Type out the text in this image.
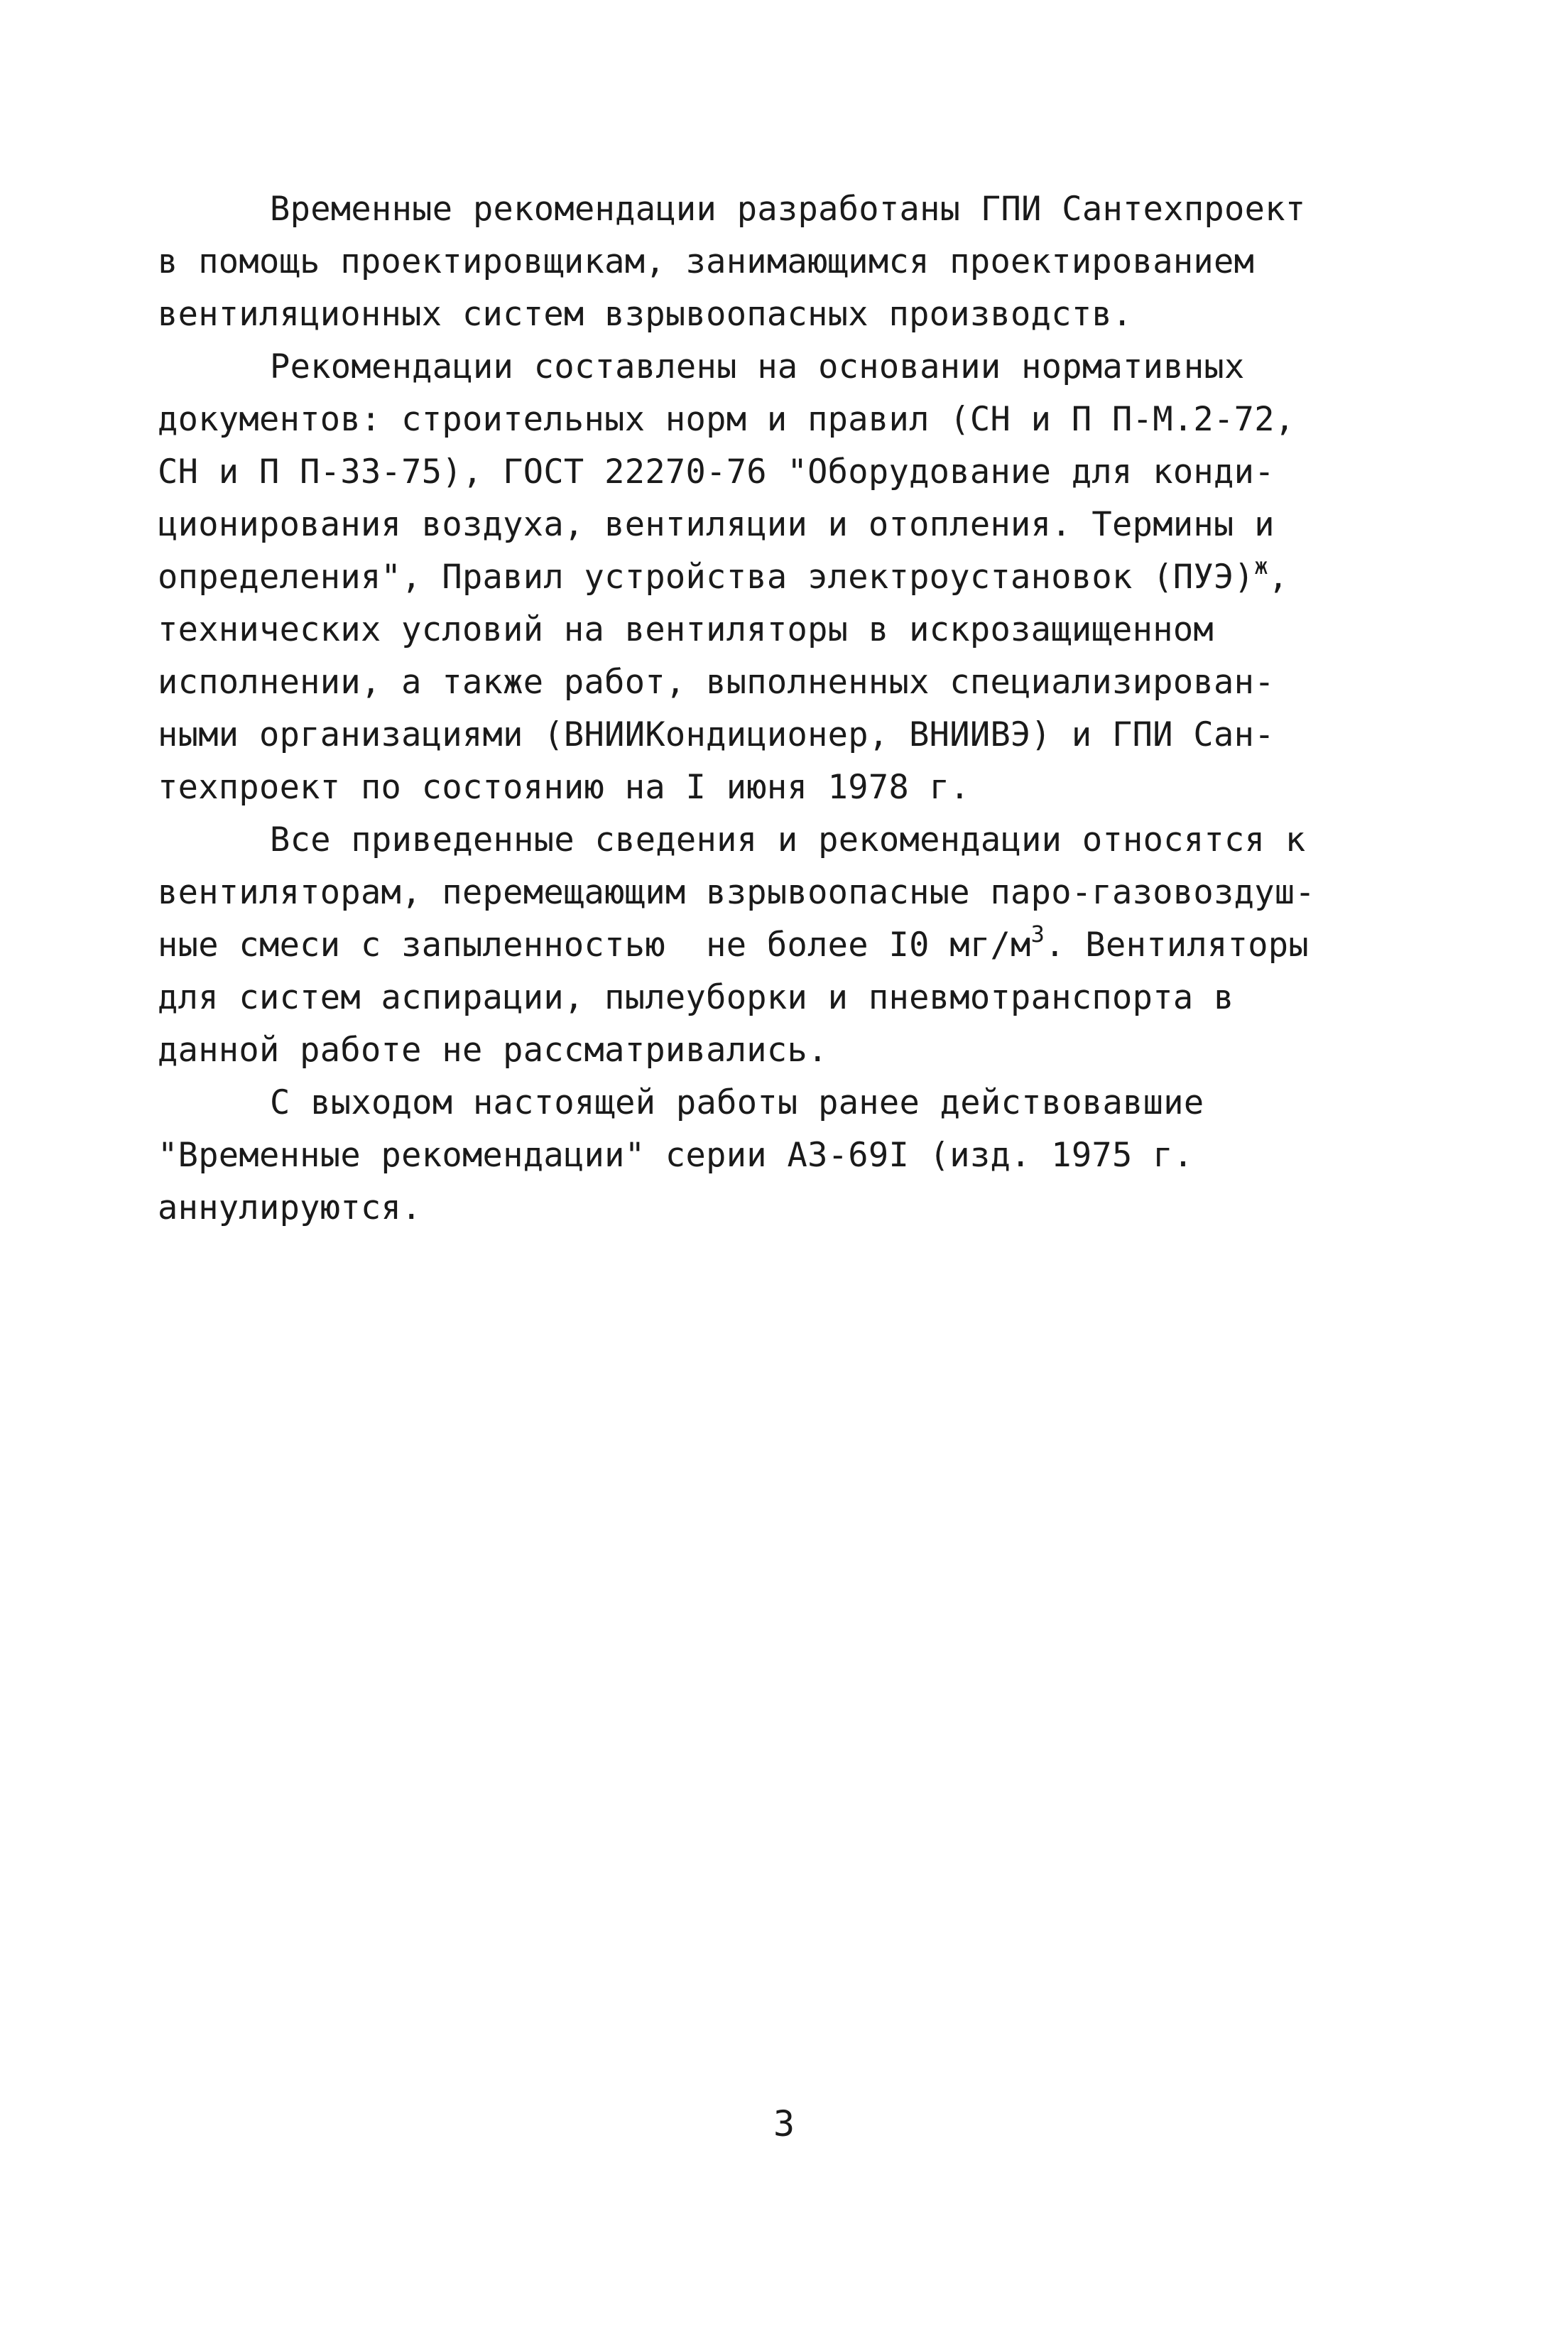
Временные рекомендации разработаны ГПИ Сантехпроект
в помощь проектировщикам, занимающимся проектированием
вентиляционных систем взрывоопасных производств.
Рекомендации составлены на основании нормативных
документов: строительных норм и правил (СН и П П-М.2-72,
СН и П П-33-75), ГОСТ 22270-76 "Оборудование для конди-
ционирования воздуха, вентиляции и отопления. Термины и
определения", Правил устройства электроустановок (ПУЭ)$^ж$,
технических условий на вентиляторы в искрозащищенном
исполнении, а также работ, выполненных специализирован-
ными организациями (ВНИИКондиционер, ВНИИВЭ) и ГПИ Сан-
техпроект по состоянию на I июня 1978 г.
Все приведенные сведения и рекомендации относятся к
вентиляторам, перемещающим взрывоопасные паро-газовоздуш-
ные смеси с запыленностью  не более I0 $мг/м^3$. Вентиляторы
для систем аспирации, пылеуборки и пневмотранспорта в
данной работе не рассматривались.
С выходом настоящей работы ранее действовавшие
"Временные рекомендации" серии А3-69I (изд. 1975 г.
аннулируются.
3
